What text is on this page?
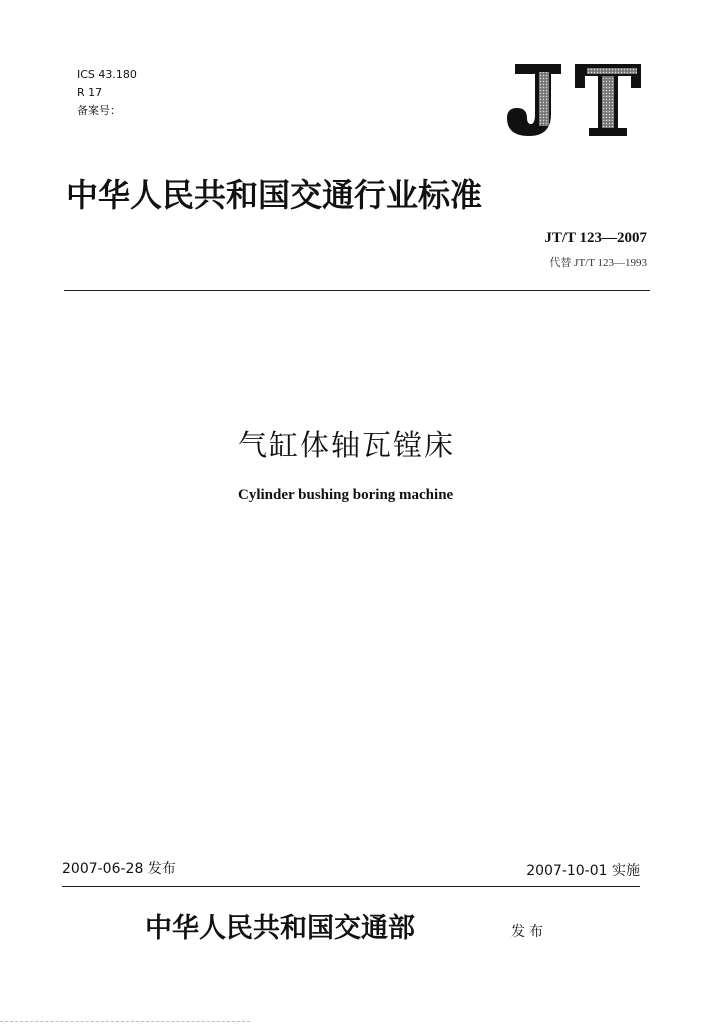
ICS 43.180
R 17
备案号：
中华人民共和国交通行业标准
JT/T 123—2007
代替 JT/T 123—1993
气缸体轴瓦镗床
Cylinder bushing boring machine
2007-06-28 发布	2007-10-01 实施
中华人民共和国交通部	发布
